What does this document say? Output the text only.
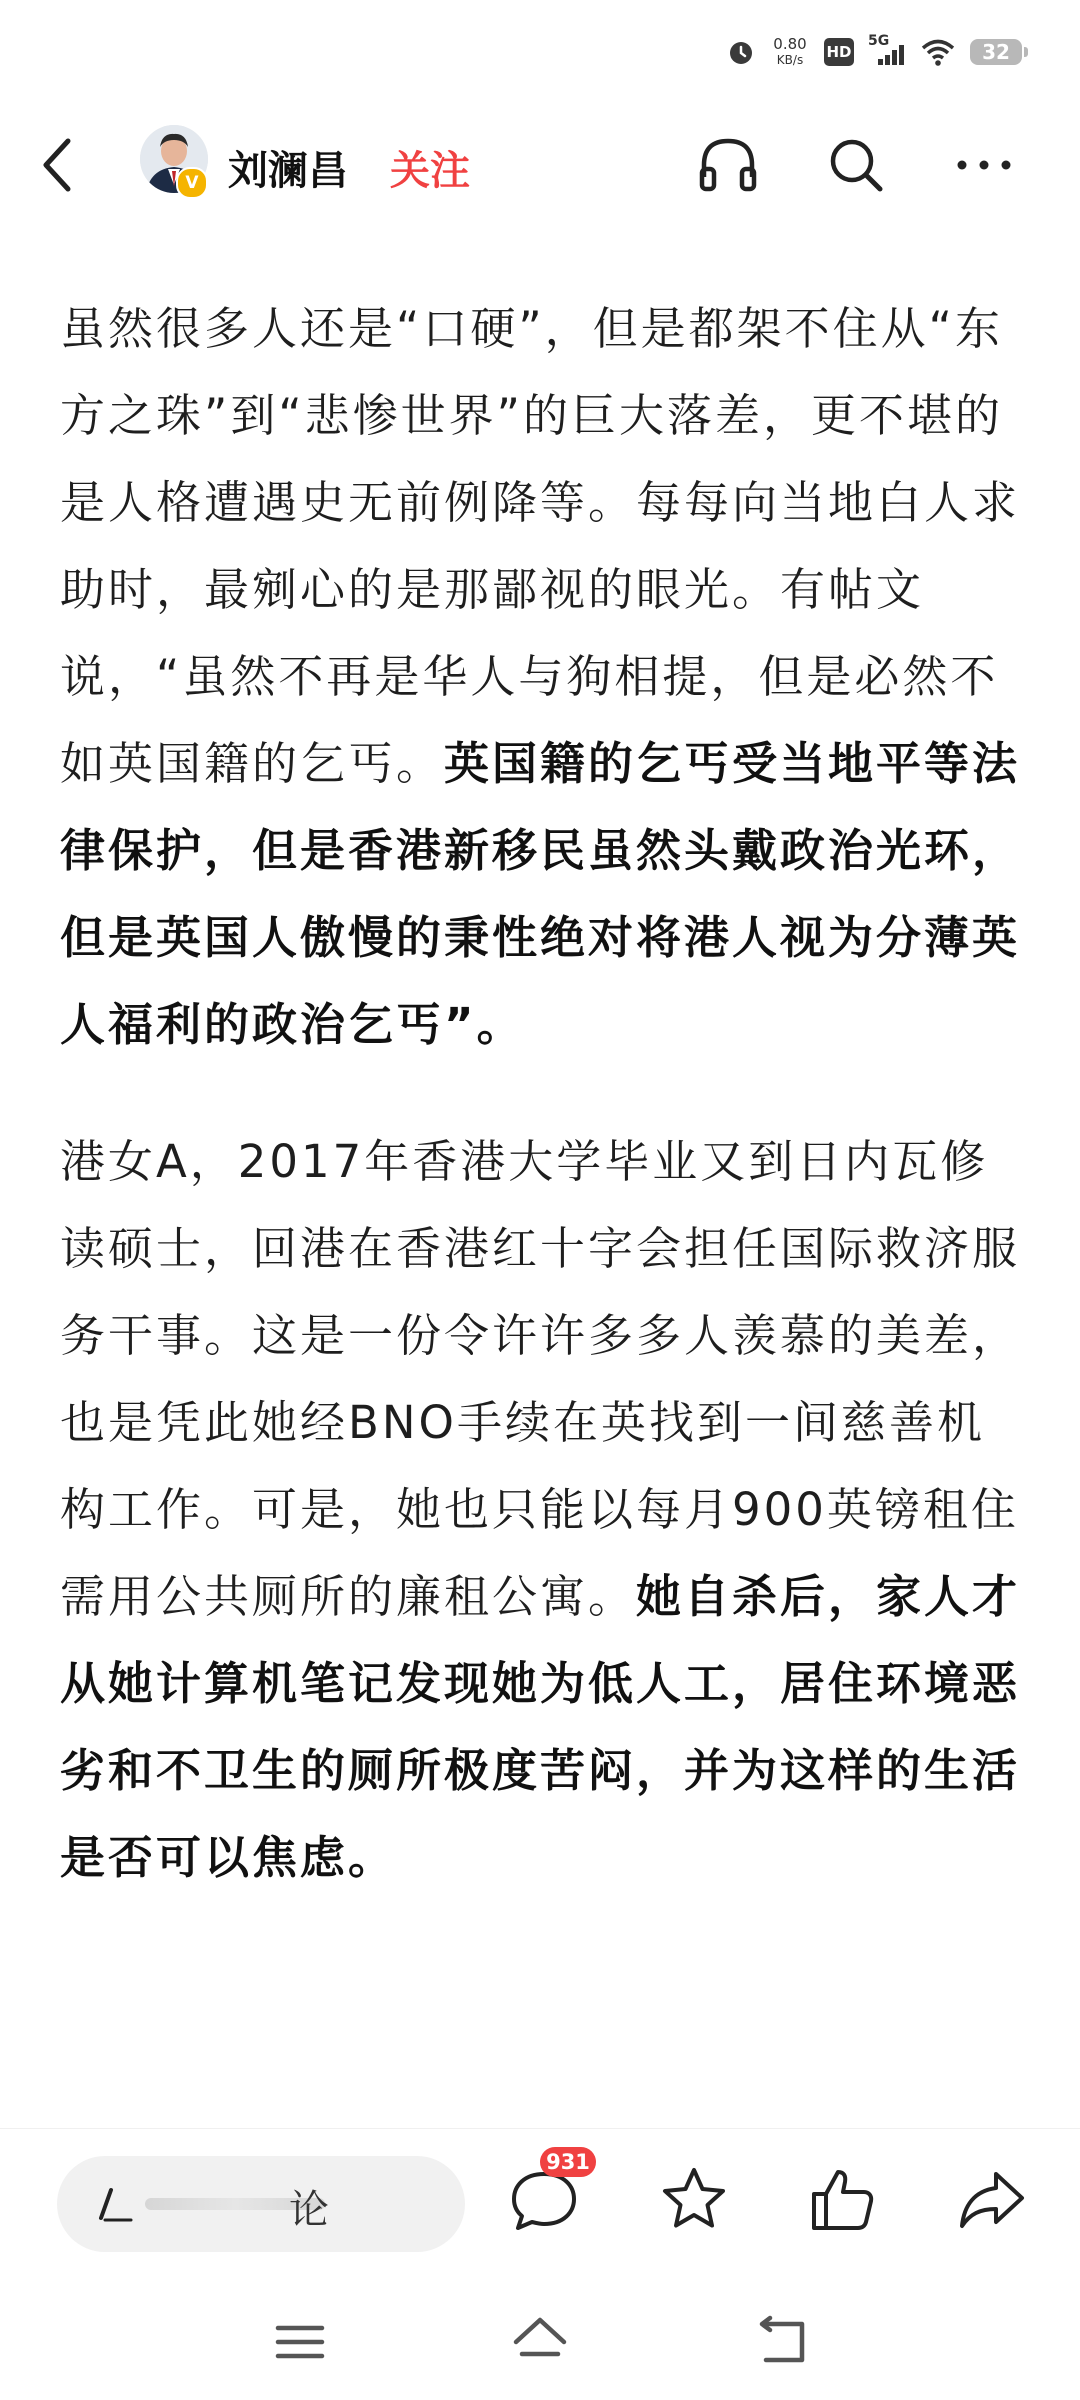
0.80
KB/s	HD
5G	32
V 刘澜昌 关注

虽然很多人还是“口硬”，但是都架不住从“东方之珠”到“悲惨世界”的巨大落差，更不堪的是人格遭遇史无前例降等。每每向当地白人求助时，最剜心的是那鄙视的眼光。有帖文说，“虽然不再是华人与狗相提，但是必然不如英国籍的乞丐。英国籍的乞丐受当地平等法律保护，但是香港新移民虽然头戴政治光环，但是英国人傲慢的秉性绝对将港人视为分薄英人福利的政治乞丐”。

港女A，2017年香港大学毕业又到日内瓦修读硕士，回港在香港红十字会担任国际救济服务干事。这是一份令许许多多人羡慕的美差，也是凭此她经BNO手续在英找到一间慈善机构工作。可是，她也只能以每月900英镑租住需用公共厕所的廉租公寓。她自杀后，家人才从她计算机笔记发现她为低人工，居住环境恶劣和不卫生的厕所极度苦闷，并为这样的生活是否可以焦虑。

论
931
